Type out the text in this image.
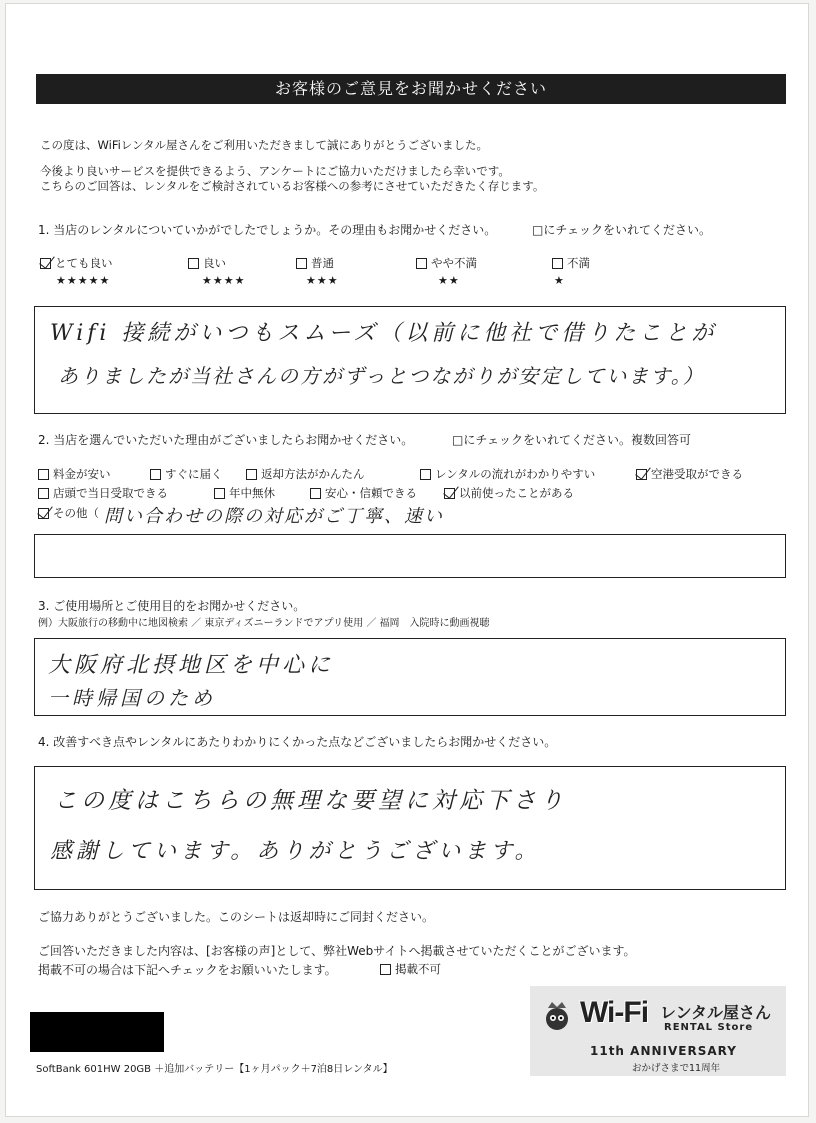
お客様のご意見をお聞かせください
この度は、WiFiレンタル屋さんをご利用いただきまして誠にありがとうございました。
今後より良いサービスを提供できるよう、アンケートにご協力いただけましたら幸いです。
こちらのご回答は、レンタルをご検討されているお客様への参考にさせていただきたく存じます。
1. 当店のレンタルについていかがでしたでしょうか。その理由もお聞かせください。	□にチェックをいれてください。
とても良い
★★★★★
良い
★★★★
普通
★★★
やや不満
★★
不満
★
Wifi 接続がいつもスムーズ（以前に他社で借りたことが
ありましたが当社さんの方がずっとつながりが安定しています。）
2. 当店を選んでいただいた理由がございましたらお聞かせください。	□にチェックをいれてください。複数回答可
料金が安い	すぐに届く	返却方法がかんたん	レンタルの流れがわかりやすい	空港受取ができる
店頭で当日受取できる	年中無休	安心・信頼できる	以前使ったことがある
その他（ 問い合わせの際の対応がご丁寧、速い
3. ご使用場所とご使用目的をお聞かせください。
例）大阪旅行の移動中に地図検索 ／ 東京ディズニーランドでアプリ使用 ／ 福岡　入院時に動画視聴
大阪府北摂地区を中心に
一時帰国のため
4. 改善すべき点やレンタルにあたりわかりにくかった点などございましたらお聞かせください。
この度はこちらの無理な要望に対応下さり
感謝しています。ありがとうございます。
ご協力ありがとうございました。このシートは返却時にご同封ください。
ご回答いただきました内容は、[お客様の声]として、弊社Webサイトへ掲載させていただくことがございます。
掲載不可の場合は下記へチェックをお願いいたします。	掲載不可
SoftBank 601HW 20GB ＋追加バッテリー【1ヶ月パック＋7泊8日レンタル】
Wi-Fi レンタル屋さん
RENTAL Store
11th ANNIVERSARY
おかげさまで11周年
